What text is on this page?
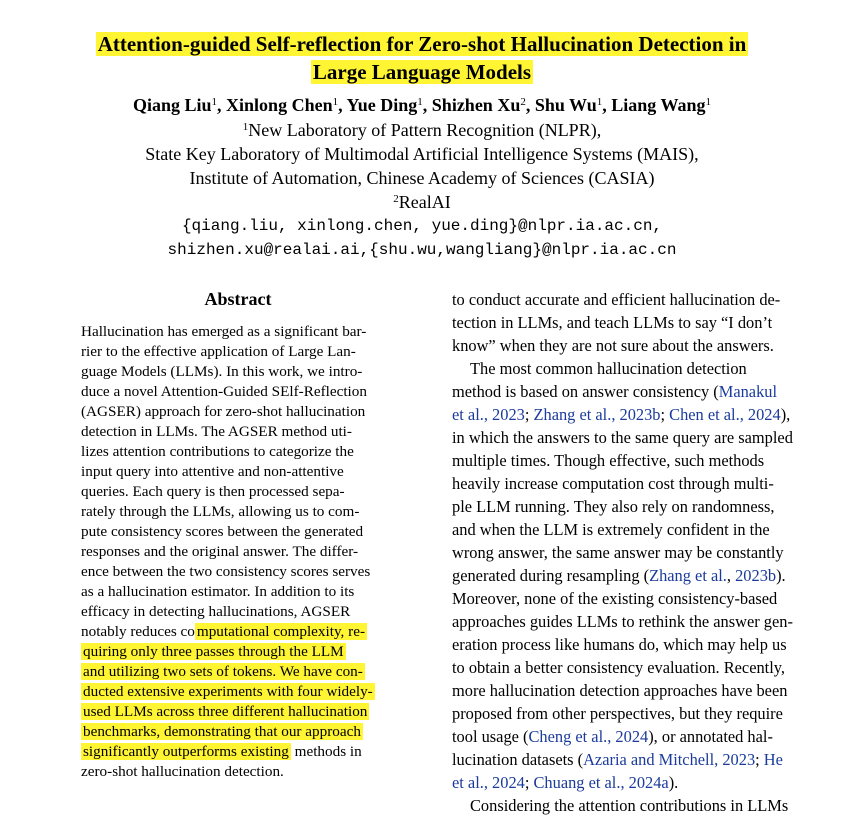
Attention-guided Self-reflection for Zero-shot Hallucination Detection in
Large Language Models
Qiang Liu$^1$, Xinlong Chen$^1$, Yue Ding$^1$, Shizhen Xu$^2$, Shu Wu$^1$, Liang Wang$^1$
$^1$New Laboratory of Pattern Recognition (NLPR),
State Key Laboratory of Multimodal Artificial Intelligence Systems (MAIS),
Institute of Automation, Chinese Academy of Sciences (CASIA)
$^2$RealAI
{qiang.liu, xinlong.chen, yue.ding}@nlpr.ia.ac.cn,
shizhen.xu@realai.ai,{shu.wu,wangliang}@nlpr.ia.ac.cn
Abstract
Hallucination has emerged as a significant bar-
rier to the effective application of Large Lan-
guage Models (LLMs). In this work, we intro-
duce a novel Attention-Guided SElf-Reflection
(AGSER) approach for zero-shot hallucination
detection in LLMs. The AGSER method uti-
lizes attention contributions to categorize the
input query into attentive and non-attentive
queries. Each query is then processed sepa-
rately through the LLMs, allowing us to com-
pute consistency scores between the generated
responses and the original answer. The differ-
ence between the two consistency scores serves
as a hallucination estimator. In addition to its
efficacy in detecting hallucinations, AGSER
notably reduces co mputational complexity, re-
quiring only three passes through the LLM
and utilizing two sets of tokens. We have con-
ducted extensive experiments with four widely-
used LLMs across three different hallucination
benchmarks, demonstrating that our approach
significantly outperforms existing methods in
zero-shot hallucination detection.
to conduct accurate and efficient hallucination de-
tection in LLMs, and teach LLMs to say “I don’t
know” when they are not sure about the answers.
The most common hallucination detection
method is based on answer consistency (Manakul
et al., 2023; Zhang et al., 2023b; Chen et al., 2024),
in which the answers to the same query are sampled
multiple times. Though effective, such methods
heavily increase computation cost through multi-
ple LLM running. They also rely on randomness,
and when the LLM is extremely confident in the
wrong answer, the same answer may be constantly
generated during resampling (Zhang et al., 2023b).
Moreover, none of the existing consistency-based
approaches guides LLMs to rethink the answer gen-
eration process like humans do, which may help us
to obtain a better consistency evaluation. Recently,
more hallucination detection approaches have been
proposed from other perspectives, but they require
tool usage (Cheng et al., 2024), or annotated hal-
lucination datasets (Azaria and Mitchell, 2023; He
et al., 2024; Chuang et al., 2024a).
Considering the attention contributions in LLMs
